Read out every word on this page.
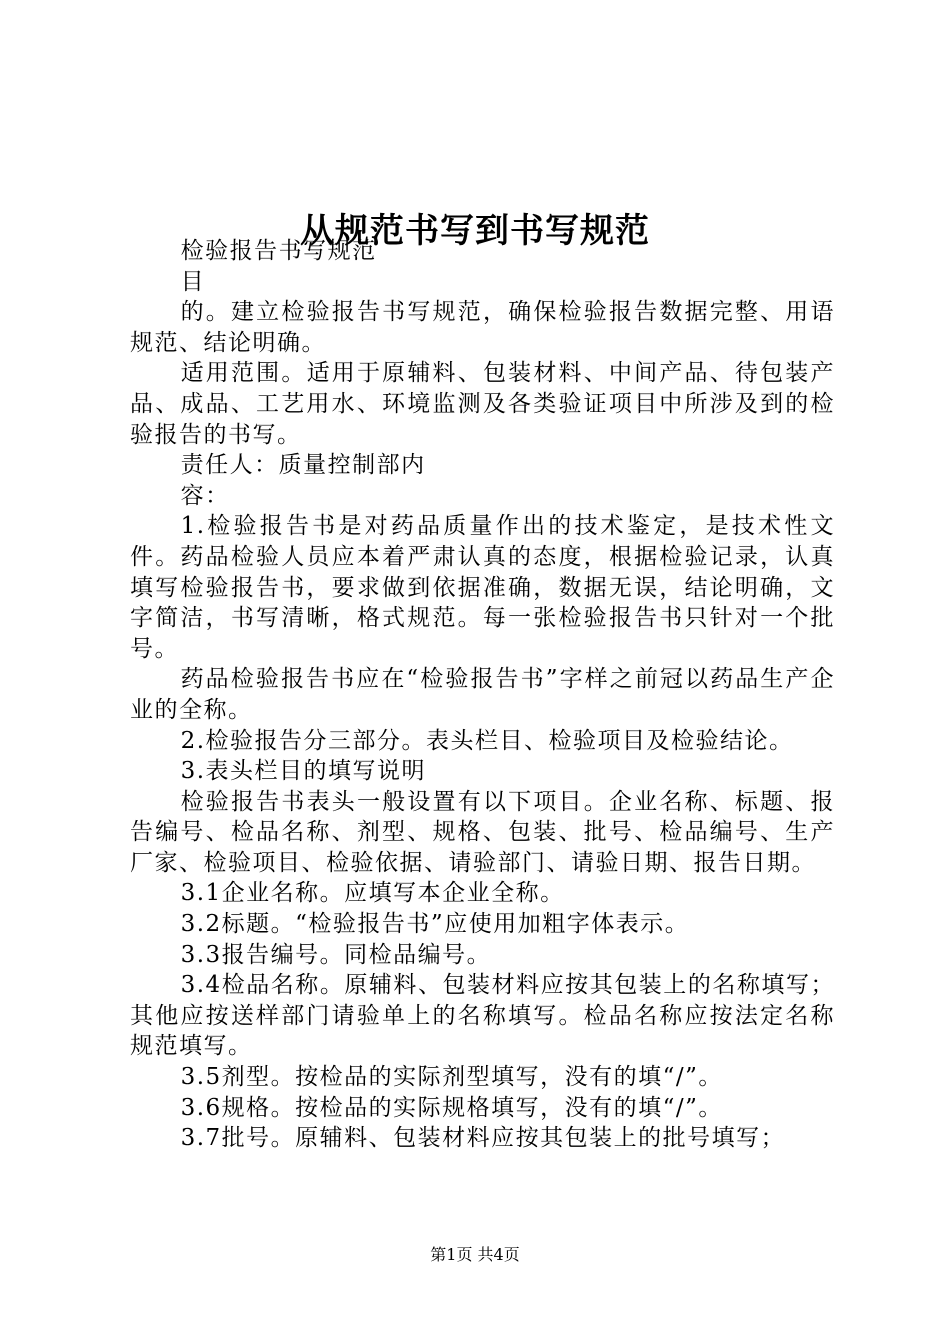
从规范书写到书写规范

检验报告书写规范

目

的。建立检验报告书写规范，确保检验报告数据完整、用语规范、结论明确。

适用范围。适用于原辅料、包装材料、中间产品、待包装产品、成品、工艺用水、环境监测及各类验证项目中所涉及到的检验报告的书写。

责任人：质量控制部内

容：

1.检验报告书是对药品质量作出的技术鉴定，是技术性文件。药品检验人员应本着严肃认真的态度，根据检验记录，认真填写检验报告书，要求做到依据准确，数据无误，结论明确，文字简洁，书写清晰，格式规范。每一张检验报告书只针对一个批号。

药品检验报告书应在“检验报告书”字样之前冠以药品生产企业的全称。

2.检验报告分三部分。表头栏目、检验项目及检验结论。

3.表头栏目的填写说明

检验报告书表头一般设置有以下项目。企业名称、标题、报告编号、检品名称、剂型、规格、包装、批号、检品编号、生产厂家、检验项目、检验依据、请验部门、请验日期、报告日期。

3.1企业名称。应填写本企业全称。

3.2标题。“检验报告书”应使用加粗字体表示。

3.3报告编号。同检品编号。

3.4检品名称。原辅料、包装材料应按其包装上的名称填写；其他应按送样部门请验单上的名称填写。检品名称应按法定名称规范填写。

3.5剂型。按检品的实际剂型填写，没有的填“/”。

3.6规格。按检品的实际规格填写，没有的填“/”。

3.7批号。原辅料、包装材料应按其包装上的批号填写；

第1页 共4页
